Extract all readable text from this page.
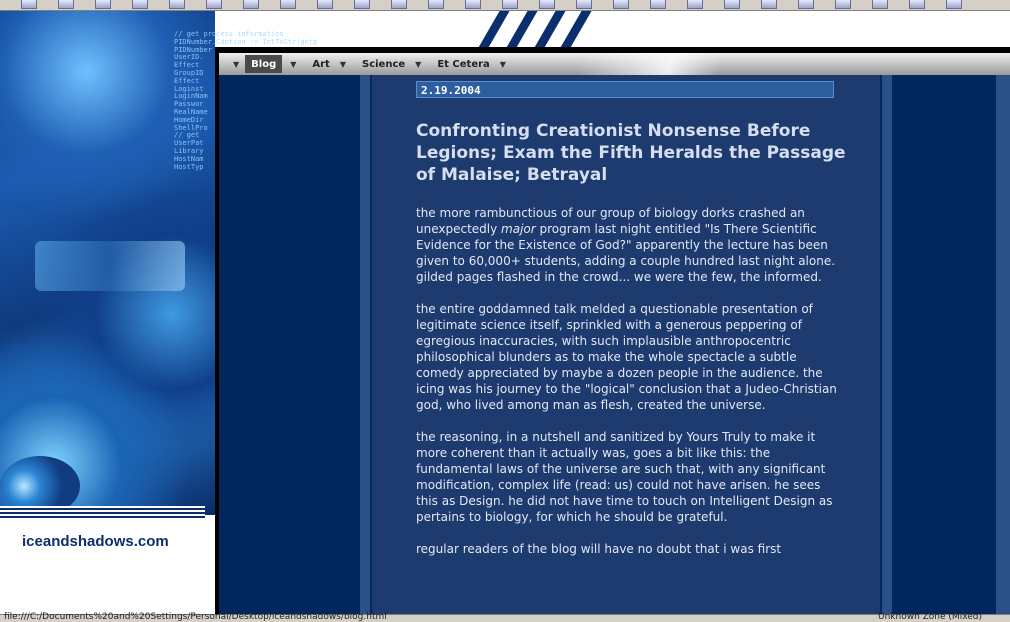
// get process information
PIDNumber.Caption := IntToStr(getp
PIDNumber
UserID.
Effect
GroupID
Effect
Loginst
LoginNam
Passwor
RealName
HomeDir
ShellPro
// get
UserPat
Library
HostNam
HostTyp
iceandshadows.com
▼ Blog ▼ Art ▼ Science ▼ Et Cetera ▼
2.19.2004
Confronting Creationist Nonsense Before Legions; Exam the Fifth Heralds the Passage of Malaise; Betrayal

the more rambunctious of our group of biology dorks crashed an unexpectedly major program last night entitled "Is There Scientific Evidence for the Existence of God?" apparently the lecture has been given to 60,000+ students, adding a couple hundred last night alone. gilded pages flashed in the crowd... we were the few, the informed.

the entire goddamned talk melded a questionable presentation of legitimate science itself, sprinkled with a generous peppering of egregious inaccuracies, with such implausible anthropocentric philosophical blunders as to make the whole spectacle a subtle comedy appreciated by maybe a dozen people in the audience. the icing was his journey to the "logical" conclusion that a Judeo-Christian god, who lived among man as flesh, created the universe.

the reasoning, in a nutshell and sanitized by Yours Truly to make it more coherent than it actually was, goes a bit like this: the fundamental laws of the universe are such that, with any significant modification, complex life (read: us) could not have arisen. he sees this as Design. he did not have time to touch on Intelligent Design as pertains to biology, for which he should be grateful.

regular readers of the blog will have no doubt that i was first

file:///C:/Documents%20and%20Settings/Personal/Desktop/iceandshadows/blog.html	Unknown Zone (Mixed)
